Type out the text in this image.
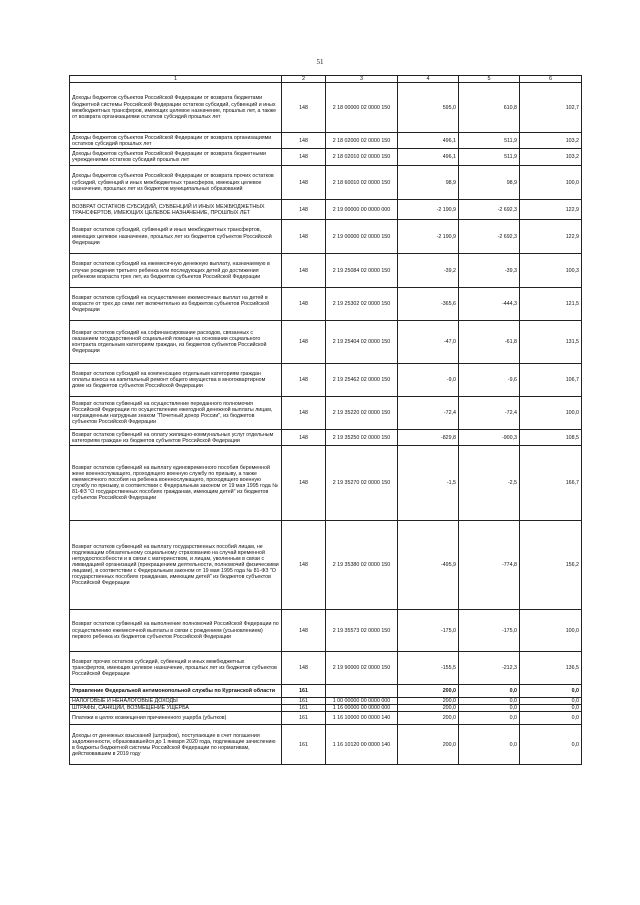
51
1	2	3	4	5	6
Доходы бюджетов субъектов Российской Федерации от возврата бюджетами бюджетной системы Российской Федерации остатков субсидий, субвенций и иных межбюджетных трансферов, имеющих целевое назначение, прошлых лет, а также от возврата организациями остатков субсидий прошлых лет	148	2 18 00000 02 0000 150	595,0	610,8	102,7
Доходы бюджетов субъектов Российской Федерации от возврата организациями остатков субсидий прошлых лет	148	2 18 02000 02 0000 150	496,1	511,9	103,2
Доходы бюджетов субъектов Российской Федерации от возврата бюджетными учреждениями остатков субсидий прошлых лет	148	2 18 02010 02 0000 150	496,1	511,9	103,2
Доходы бюджетов субъектов Российской Федерации от возврата прочих остатков субсидий, субвенций и иных межбюджетных трансферов, имеющих целевое назначение, прошлых лет из бюджетов муниципальных образований	148	2 18 60010 02 0000 150	98,9	98,9	100,0
ВОЗВРАТ ОСТАТКОВ СУБСИДИЙ, СУБВЕНЦИЙ И ИНЫХ МЕЖБЮДЖЕТНЫХ ТРАНСФЕРТОВ, ИМЕЮЩИХ ЦЕЛЕВОЕ НАЗНАЧЕНИЕ, ПРОШЛЫХ ЛЕТ	148	2 19 00000 00 0000 000	-2 190,9	-2 692,3	122,9
Возврат остатков субсидий, субвенций и иных межбюджетных трансфертов, имеющих целевое назначение, прошлых лет из бюджетов субъектов Российской Федерации	148	2 19 00000 02 0000 150	-2 190,9	-2 692,3	122,9
Возврат остатков субсидий на ежемесячную денежную выплату, назначаемую в случае рождения третьего ребенка или последующих детей до достижения ребенком возраста трех лет, из бюджетов субъектов Российской Федерации	148	2 19 25084 02 0000 150	-39,2	-39,3	100,3
Возврат остатков субсидий на осуществление ежемесячных выплат на детей в возрасте от трех до семи лет включительно из бюджетов субъектов Российской Федерации	148	2 19 25302 02 0000 150	-365,6	-444,3	121,5
Возврат остатков субсидий на софинансирование расходов, связанных с оказанием государственной социальной помощи на основании социального контракта отдельным категориям граждан, из бюджетов субъектов Российской Федерации	148	2 19 25404 02 0000 150	-47,0	-61,8	131,5
Возврат остатков субсидий на компенсацию отдельным категориям граждан оплаты взноса на капитальный ремонт общего имущества в многоквартирном доме из бюджетов субъектов Российской Федерации	148	2 19 25462 02 0000 150	-9,0	-9,6	106,7
Возврат остатков субвенций на осуществление переданного полномочия Российской Федерации по осуществлению ежегодной денежной выплаты лицам, награжденным нагрудным знаком "Почетный донор России", из бюджетов субъектов Российской Федерации	148	2 19 35220 02 0000 150	-72,4	-72,4	100,0
Возврат остатков субвенций на оплату жилищно-коммунальных услуг отдельным категориям граждан из бюджетов субъектов Российской Федерации	148	2 19 35250 02 0000 150	-829,8	-900,3	108,5
Возврат остатков субвенций на выплату единовременного пособия беременной жене военнослужащего, проходящего военную службу по призыву, а также ежемесячного пособия на ребенка военнослужащего, проходящего военную службу по призыву, в соответствии с Федеральным законом от 19 мая 1995 года № 81-ФЗ "О государственных пособиях гражданам, имеющим детей" из бюджетов субъектов Российской Федерации	148	2 19 35270 02 0000 150	-1,5	-2,5	166,7
Возврат остатков субвенций на выплату государственных пособий лицам, не подлежащим обязательному социальному страхованию на случай временной нетрудоспособности и в связи с материнством, и лицам, уволенным в связи с ликвидацией организаций (прекращением деятельности, полномочий физическими лицами), в соответствии с Федеральным законом от 19 мая 1995 года № 81-ФЗ "О государственных пособиях гражданам, имеющим детей" из бюджетов субъектов Российской Федерации	148	2 19 35380 02 0000 150	-495,9	-774,8	156,2
Возврат остатков субвенций на выполнение полномочий Российской Федерации по осуществлению ежемесячной выплаты в связи с рождением (усыновлением) первого ребенка из бюджетов субъектов Российской Федерации	148	2 19 35573 02 0000 150	-175,0	-175,0	100,0
Возврат прочих остатков субсидий, субвенций и иных межбюджетных трансфертов, имеющих целевое назначение, прошлых лет из бюджетов субъектов Российской Федерации	148	2 19 90000 02 0000 150	-155,5	-212,3	136,5
Управление Федеральной антимонопольной службы по Курганской области	161		200,0	0,0	0,0
НАЛОГОВЫЕ И НЕНАЛОГОВЫЕ ДОХОДЫ	161	1 00 00000 00 0000 000	200,0	0,0	0,0
ШТРАФЫ, САНКЦИИ, ВОЗМЕЩЕНИЕ УЩЕРБА	161	1 16 00000 00 0000 000	200,0	0,0	0,0
Платежи в целях возмещения причиненного ущерба (убытков)	161	1 16 10000 00 0000 140	200,0	0,0	0,0
Доходы от денежных взысканий (штрафов), поступающие в счет погашения задолженности, образовавшейся до 1 января 2020 года, подлежащие зачислению в бюджеты бюджетной системы Российской Федерации по нормативам, действовавшим в 2019 году	161	1 16 10120 00 0000 140	200,0	0,0	0,0
